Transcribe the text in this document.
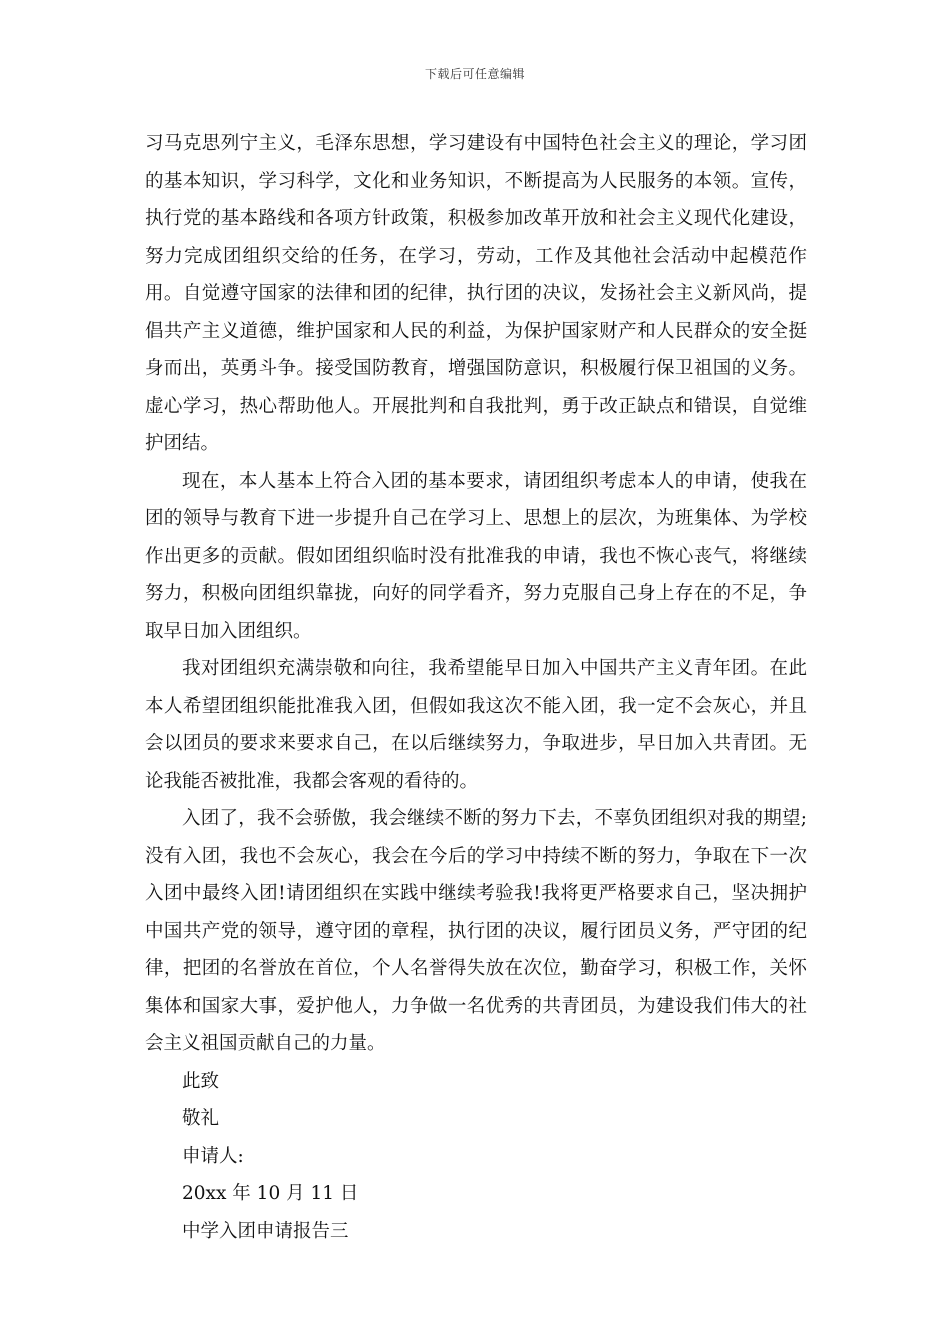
下载后可任意编辑

习马克思列宁主义，毛泽东思想，学习建设有中国特色社会主义的理论，学习团的基本知识，学习科学，文化和业务知识，不断提高为人民服务的本领。宣传，执行党的基本路线和各项方针政策，积极参加改革开放和社会主义现代化建设，努力完成团组织交给的任务，在学习，劳动，工作及其他社会活动中起模范作用。自觉遵守国家的法律和团的纪律，执行团的决议，发扬社会主义新风尚，提倡共产主义道德，维护国家和人民的利益，为保护国家财产和人民群众的安全挺身而出，英勇斗争。接受国防教育，增强国防意识，积极履行保卫祖国的义务。虚心学习，热心帮助他人。开展批判和自我批判，勇于改正缺点和错误，自觉维护团结。

现在，本人基本上符合入团的基本要求，请团组织考虑本人的申请，使我在团的领导与教育下进一步提升自己在学习上、思想上的层次，为班集体、为学校作出更多的贡献。假如团组织临时没有批准我的申请，我也不恢心丧气，将继续努力，积极向团组织靠拢，向好的同学看齐，努力克服自己身上存在的不足，争取早日加入团组织。

我对团组织充满崇敬和向往，我希望能早日加入中国共产主义青年团。在此本人希望团组织能批准我入团，但假如我这次不能入团，我一定不会灰心，并且会以团员的要求来要求自己，在以后继续努力，争取进步，早日加入共青团。无论我能否被批准，我都会客观的看待的。

入团了，我不会骄傲，我会继续不断的努力下去，不辜负团组织对我的期望;没有入团，我也不会灰心，我会在今后的学习中持续不断的努力，争取在下一次入团中最终入团!请团组织在实践中继续考验我!我将更严格要求自己，坚决拥护中国共产党的领导，遵守团的章程，执行团的决议，履行团员义务，严守团的纪律，把团的名誉放在首位，个人名誉得失放在次位，勤奋学习，积极工作，关怀集体和国家大事，爱护他人，力争做一名优秀的共青团员，为建设我们伟大的社会主义祖国贡献自己的力量。

此致

敬礼

申请人:

20xx 年 10 月 11 日

中学入团申请报告三
